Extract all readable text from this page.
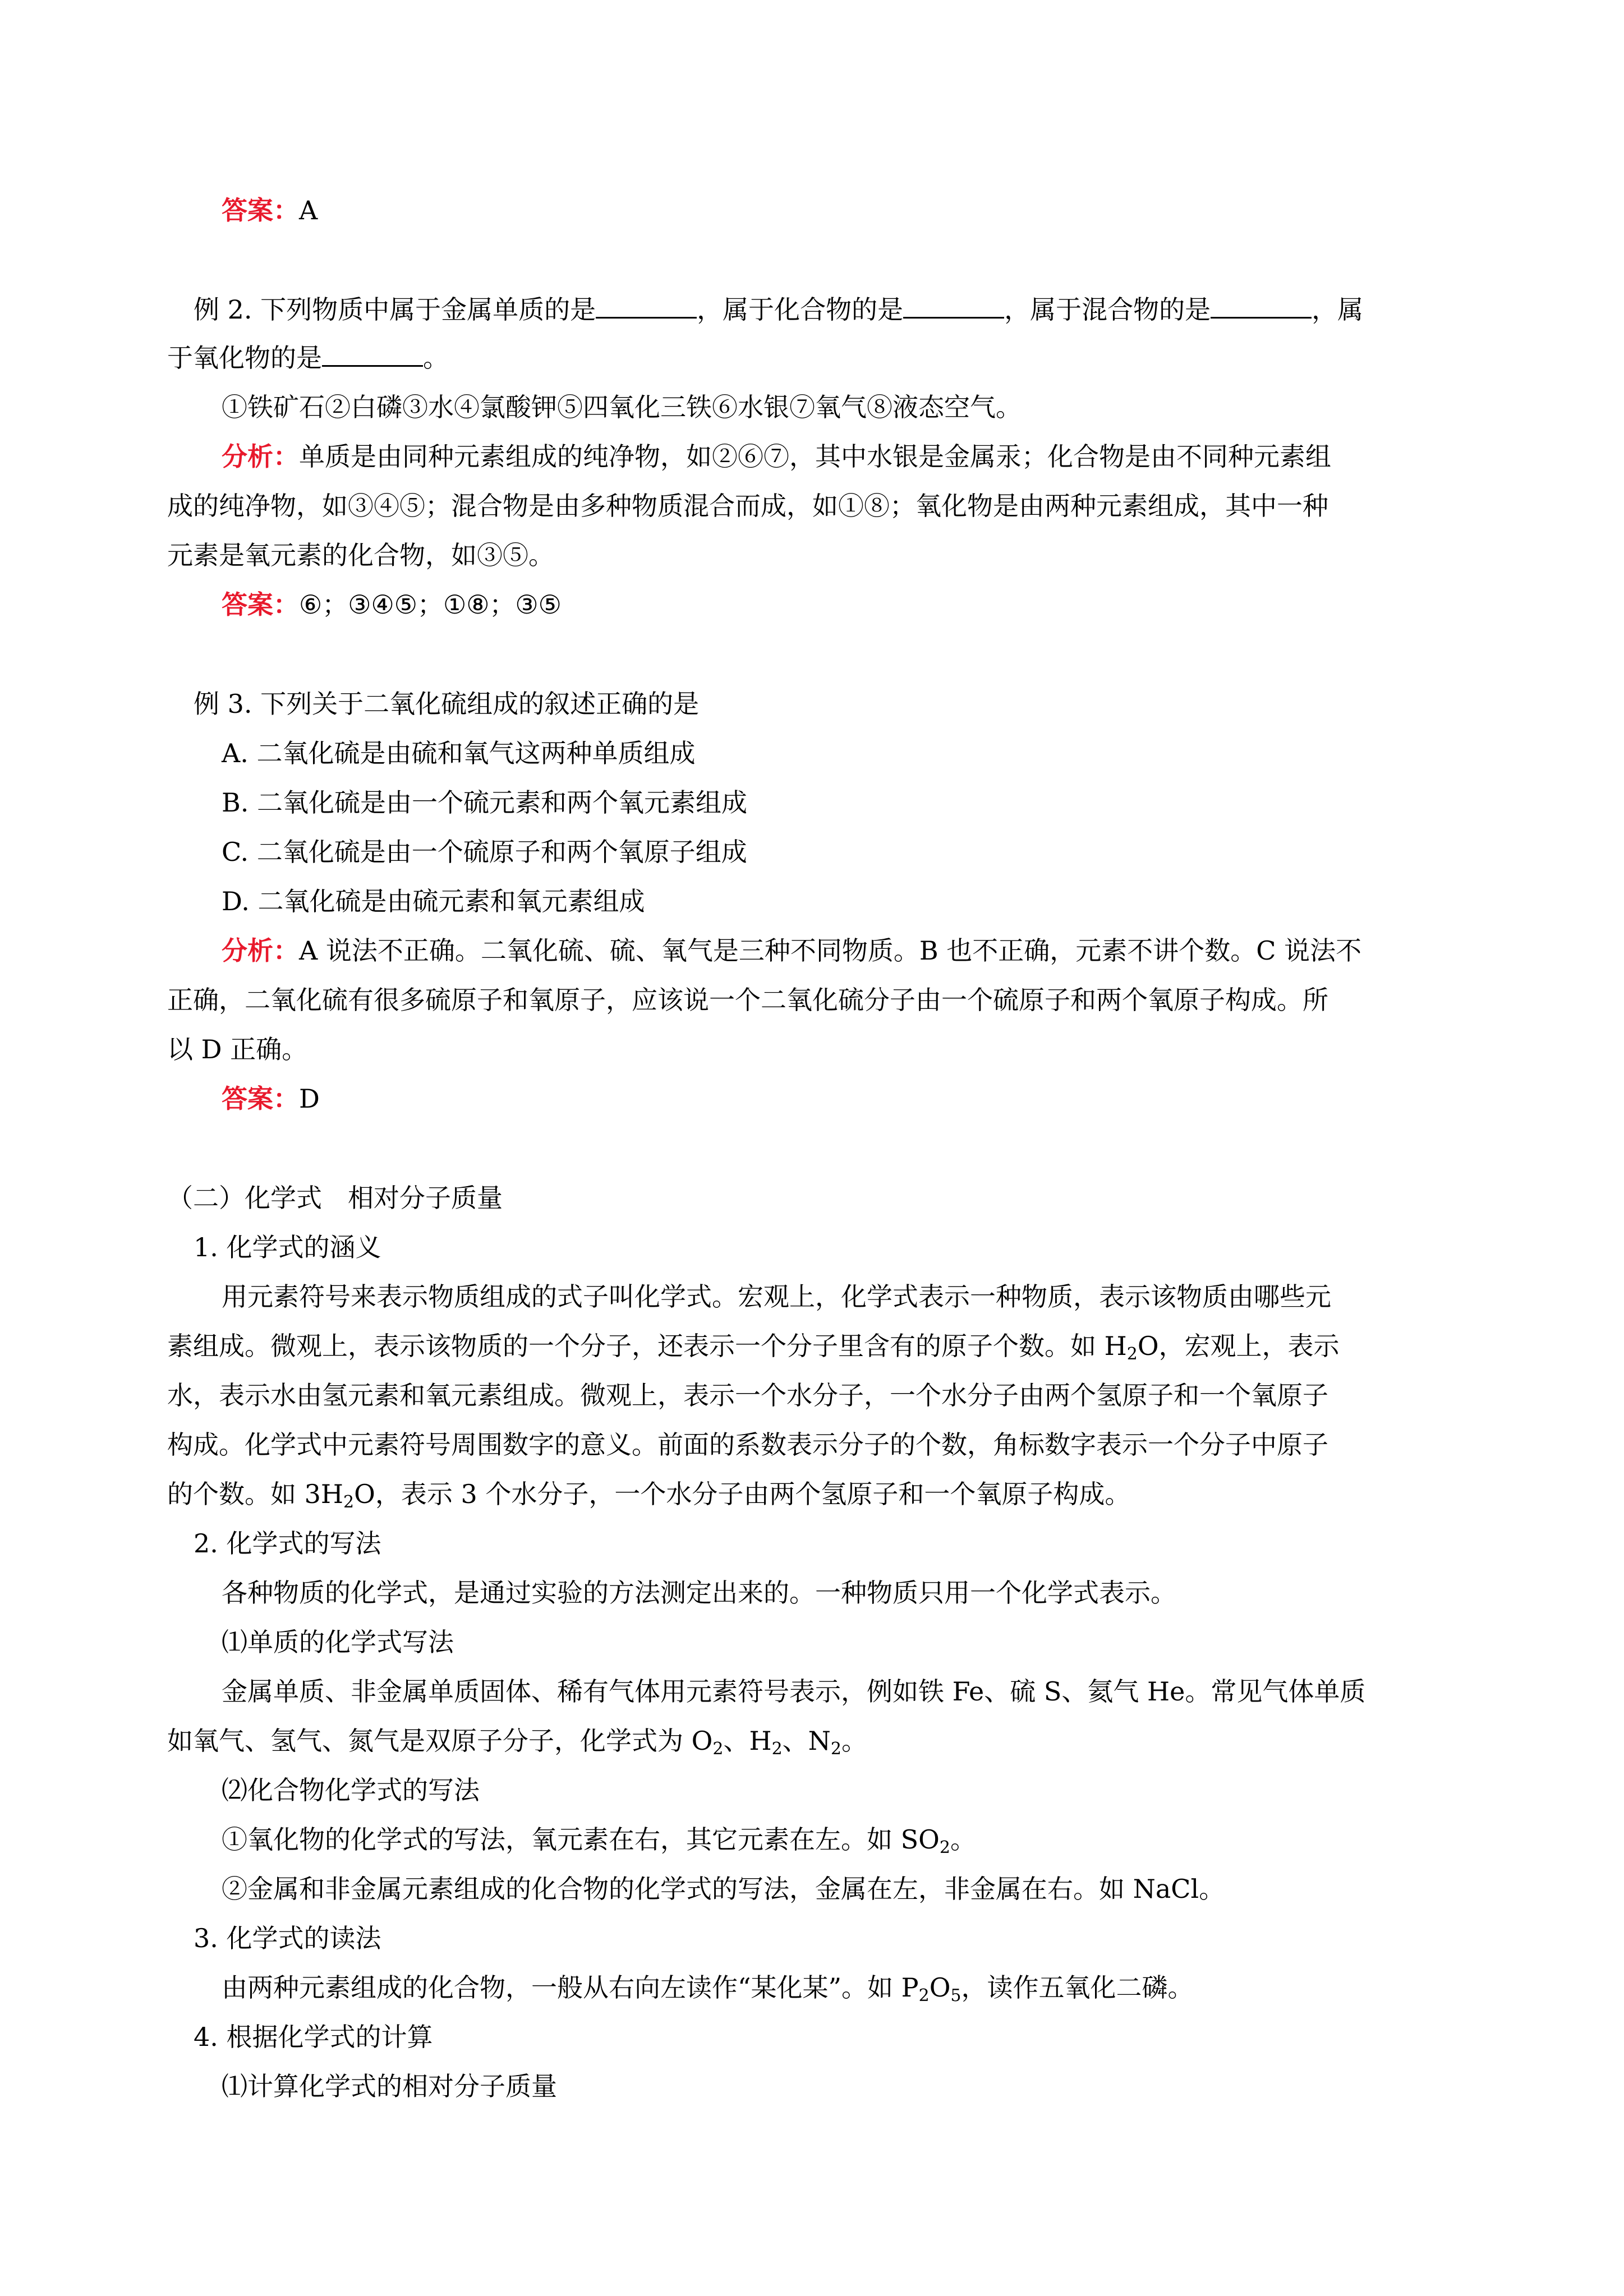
答案：A

例 2. 下列物质中属于金属单质的是	，属于化合物的是	，属于混合物的是	，属

于氧化物的是	。

①铁矿石②白磷③水④氯酸钾⑤四氧化三铁⑥水银⑦氧气⑧液态空气。

分析：单质是由同种元素组成的纯净物，如②⑥⑦，其中水银是金属汞；化合物是由不同种元素组

成的纯净物，如③④⑤；混合物是由多种物质混合而成，如①⑧；氧化物是由两种元素组成，其中一种

元素是氧元素的化合物，如③⑤。

答案：⑥；③④⑤；①⑧；③⑤

例 3. 下列关于二氧化硫组成的叙述正确的是

A. 二氧化硫是由硫和氧气这两种单质组成

B. 二氧化硫是由一个硫元素和两个氧元素组成

C. 二氧化硫是由一个硫原子和两个氧原子组成

D. 二氧化硫是由硫元素和氧元素组成

分析：A 说法不正确。二氧化硫、硫、氧气是三种不同物质。B 也不正确，元素不讲个数。C 说法不

正确，二氧化硫有很多硫原子和氧原子，应该说一个二氧化硫分子由一个硫原子和两个氧原子构成。所

以 D 正确。

答案：D

（二）化学式　相对分子质量

1. 化学式的涵义

用元素符号来表示物质组成的式子叫化学式。宏观上，化学式表示一种物质，表示该物质由哪些元

素组成。微观上，表示该物质的一个分子，还表示一个分子里含有的原子个数。如 $H_2O$，宏观上，表示

水，表示水由氢元素和氧元素组成。微观上，表示一个水分子，一个水分子由两个氢原子和一个氧原子

构成。化学式中元素符号周围数字的意义。前面的系数表示分子的个数，角标数字表示一个分子中原子

的个数。如 $3H_2O$，表示 3 个水分子，一个水分子由两个氢原子和一个氧原子构成。

2. 化学式的写法

各种物质的化学式，是通过实验的方法测定出来的。一种物质只用一个化学式表示。

⑴单质的化学式写法

金属单质、非金属单质固体、稀有气体用元素符号表示，例如铁 Fe、硫 S、氦气 He。常见气体单质

如氧气、氢气、氮气是双原子分子，化学式为 $O_2$、$H_2$、$N_2$。

⑵化合物化学式的写法

①氧化物的化学式的写法，氧元素在右，其它元素在左。如 $SO_2$。

②金属和非金属元素组成的化合物的化学式的写法，金属在左，非金属在右。如 NaCl。

3. 化学式的读法

由两种元素组成的化合物，一般从右向左读作“某化某”。如 $P_2O_5$，读作五氧化二磷。

4. 根据化学式的计算

⑴计算化学式的相对分子质量
